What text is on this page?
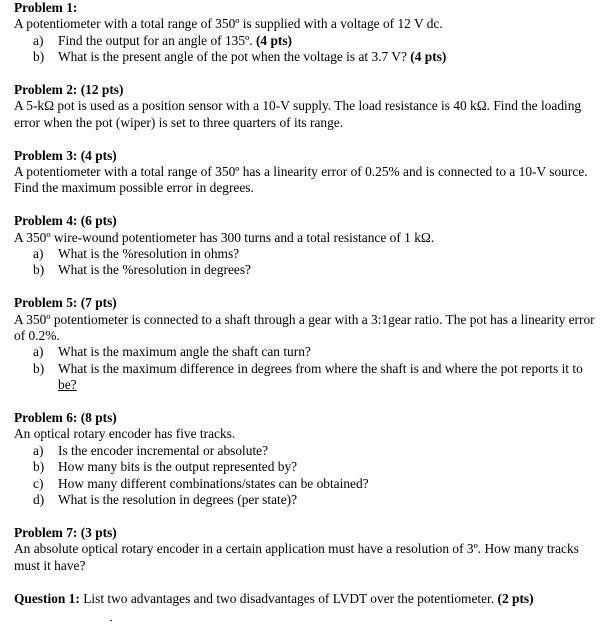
Problem 1:
A potentiometer with a total range of 350º is supplied with a voltage of 12 V dc.
a) Find the output for an angle of 135º. (4 pts)
b) What is the present angle of the pot when the voltage is at 3.7 V? (4 pts)
Problem 2: (12 pts)
A 5-kΩ pot is used as a position sensor with a 10-V supply. The load resistance is 40 kΩ. Find the loading error when the pot (wiper) is set to three quarters of its range.
Problem 3: (4 pts)
A potentiometer with a total range of 350º has a linearity error of 0.25% and is connected to a 10-V source. Find the maximum possible error in degrees.
Problem 4: (6 pts)
A 350º wire-wound potentiometer has 300 turns and a total resistance of 1 kΩ.
a) What is the %resolution in ohms?
b) What is the %resolution in degrees?
Problem 5: (7 pts)
A 350º potentiometer is connected to a shaft through a gear with a 3:1gear ratio. The pot has a linearity error of 0.2%.
a) What is the maximum angle the shaft can turn?
b) What is the maximum difference in degrees from where the shaft is and where the pot reports it to be?
Problem 6: (8 pts)
An optical rotary encoder has five tracks.
a) Is the encoder incremental or absolute?
b) How many bits is the output represented by?
c) How many different combinations/states can be obtained?
d) What is the resolution in degrees (per state)?
Problem 7: (3 pts)
An absolute optical rotary encoder in a certain application must have a resolution of 3º. How many tracks must it have?
Question 1: List two advantages and two disadvantages of LVDT over the potentiometer. (2 pts)
